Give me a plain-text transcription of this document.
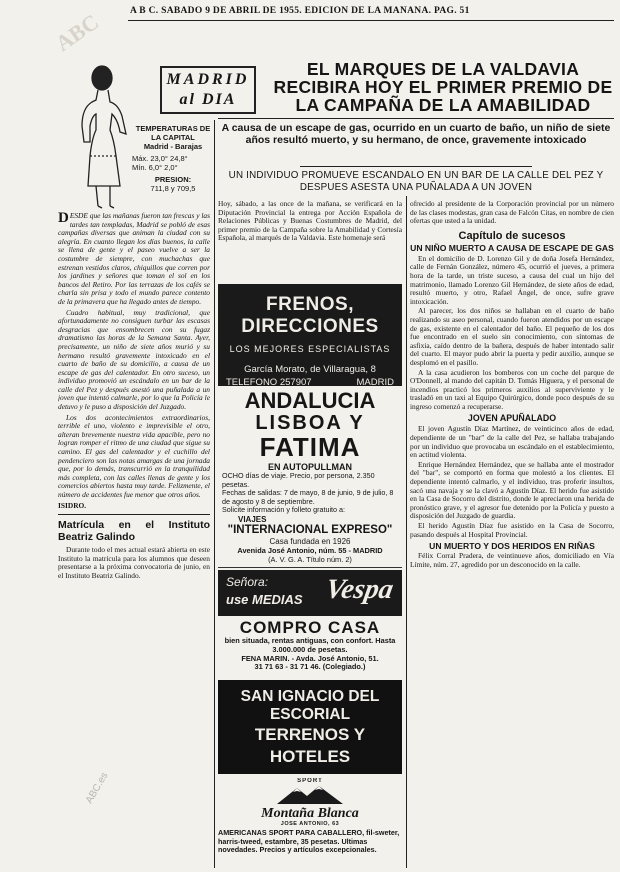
ABC
ABC.es
A B C. SABADO 9 DE ABRIL DE 1955. EDICION DE LA MAÑANA. PAG. 51
MADRID
al DIA
EL MARQUES DE LA VALDAVIA RECIBIRA HOY EL PRIMER PREMIO DE LA CAMPAÑA DE LA AMABILIDAD
TEMPERATURAS DE LA CAPITAL
Madrid - Barajas
Máx. 23,0° 24,8°
Mín. 6,0° 2,0°
PRESION:
711,8 y 709,5
A causa de un escape de gas, ocurrido en un cuarto de baño, un niño de siete años resultó muerto, y su hermano, de once, gravemente intoxicado
UN INDIVIDUO PROMUEVE ESCANDALO EN UN BAR DE LA CALLE DEL PEZ Y DESPUES ASESTA UNA PUÑALADA A UN JOVEN
D ESDE que las mañanas fueron tan frescas y las tardes tan templadas, Madrid se pobló de esas campañas diversas que animan la ciudad con su alegría. En cuanto llegan los días buenos, la calle se llena de gente y el paseo vuelve a ser la costumbre de siempre, con muchachas que estrenan vestidos claros, chiquillos que corren por los jardines y señores que toman el sol en los bancos del Retiro. Por las terrazas de los cafés se charla sin prisa y todo el mundo parece contento de la primavera que ha llegado antes de tiempo.

Cuadro habitual, muy tradicional, que afortunadamente no consiguen turbar las escasas desgracias que ensombrecen con su fugaz dramatismo las horas de la Semana Santa. Ayer, precisamente, un niño de siete años murió y su hermano resultó gravemente intoxicado en el cuarto de baño de su domicilio, a causa de un escape de gas del calentador. En otro suceso, un individuo promovió un escándalo en un bar de la calle del Pez y después asestó una puñalada a un joven que intentó calmarle, por lo que la Policía le detuvo y le puso a disposición del Juzgado.

Los dos acontecimientos extraordinarios, terrible el uno, violento e imprevisible el otro, alteran brevemente nuestra vida apacible, pero no logran romper el ritmo de una ciudad que sigue su camino. El gas del calentador y el cuchillo del pendenciero son las notas amargas de una jornada que, por lo demás, transcurrió en la tranquilidad más completa, con las calles llenas de gente y los comercios abiertos hasta muy tarde. Felizmente, el número de accidentes fue menor que otros años.

ISIDRO.
Matrícula en el Instituto Beatriz Galindo

Durante todo el mes actual estará abierta en este Instituto la matrícula para los alumnos que deseen presentarse a la próxima convocatoria de junio, en el Instituto Beatriz Galindo.

Hoy, sábado, a las once de la mañana, se verificará en la Diputación Provincial la entrega por Acción Española de Relaciones Públicas y Buenas Costumbres de Madrid, del primer premio de la Campaña sobre la Amabilidad y Cortesía Española, al marqués de la Valdavia. Este homenaje será
FRENOS, DIRECCIONES
LOS MEJORES ESPECIALISTAS
García Morato, de Villaragua, 8
TELEFONO 257907	MADRID
ANDALUCIA
LISBOA Y
FATIMA
EN AUTOPULLMAN
OCHO días de viaje. Precio, por persona, 2.350 pesetas.
Fechas de salidas: 7 de mayo, 8 de junio, 9 de julio, 8 de agosto y 8 de septiembre.
Solicite información y folleto gratuito a:
VIAJES
"INTERNACIONAL EXPRESO"
Casa fundada en 1926
Avenida José Antonio, núm. 55 - MADRID
(A. V. G. A. Título núm. 2)
Señora:
use MEDIAS Vespa
COMPRO CASA
bien situada, rentas antiguas, con confort. Hasta 3.000.000 de pesetas.
FENA MARIN. - Avda. José Antonio, 51.
31 71 63 - 31 71 46. (Colegiado.)
SAN IGNACIO DEL ESCORIAL
TERRENOS Y HOTELES
SPORT
Montaña Blanca
JOSE ANTONIO, 63
AMERICANAS SPORT PARA CABALLERO, fil-sweter, harris-tweed, estambre, 35 pesetas. Ultimas novedades. Precios y artículos excepcionales.

ofrecido al presidente de la Corporación provincial por un número de las clases modestas, gran casa de Falcón Citas, en nombre de cien ofertas que usted a la unidad.

Capítulo de sucesos
UN NIÑO MUERTO A CAUSA DE ESCAPE DE GAS

En el domicilio de D. Lorenzo Gil y de doña Josefa Hernández, calle de Fernán González, número 45, ocurrió el jueves, a primera hora de la tarde, un triste suceso, a causa del cual un hijo del matrimonio, llamado Lorenzo Gil Hernández, de siete años de edad, resultó muerto, y otro, Rafael Ángel, de once, sufre grave intoxicación.

Al parecer, los dos niños se hallaban en el cuarto de baño realizando su aseo personal, cuando fueron atendidos por un escape de gas, existente en el calentador del baño. El pequeño de los dos fue encontrado en el suelo sin conocimiento, con síntomas de asfixia, caído dentro de la bañera, después de haber intentado salir del cuarto. El mayor pudo abrir la puerta y pedir auxilio, aunque se desplomó en el pasillo.

A la casa acudieron los bomberos con un coche del parque de O'Donnell, al mando del capitán D. Tomás Higuera, y el personal de incendios practicó los primeros auxilios al superviviente y le trasladó en un taxi al Equipo Quirúrgico, donde poco después de su ingreso comenzó a recuperarse.

JOVEN APUÑALADO

El joven Agustín Díaz Martínez, de veinticinco años de edad, dependiente de un "bar" de la calle del Pez, se hallaba trabajando por un individuo que provocaba un escándalo en el establecimiento, en actitud violenta.

Enrique Hernández Hernández, que se hallaba ante el mostrador del "bar", se comportó en forma que molestó a los clientes. El dependiente intentó calmarlo, y el individuo, tras proferir insultos, sacó una navaja y se la clavó a Agustín Díaz. El herido fue asistido en la Casa de Socorro del distrito, donde le apreciaron una herida de pronóstico grave, y el agresor fue detenido por la Policía y puesto a disposición del Juzgado de guardia.

El herido Agustín Díaz fue asistido en la Casa de Socorro, pasando después al Hospital Provincial.

UN MUERTO Y DOS HERIDOS EN RIÑAS

Félix Corral Pradera, de veintinueve años, domiciliado en Vía Límite, núm. 27, agredido por un desconocido en la calle.
